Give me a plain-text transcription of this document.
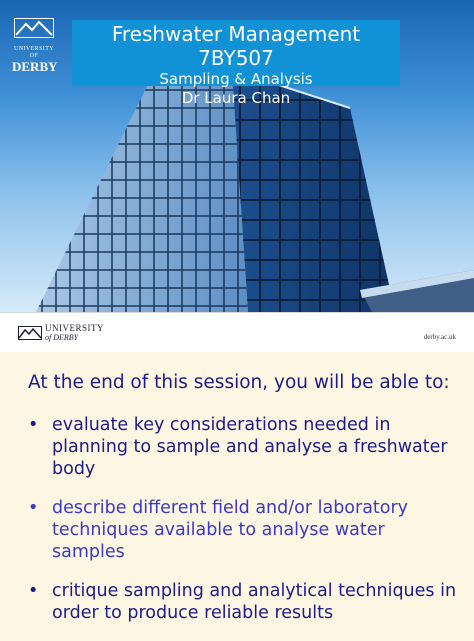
UNIVERSITY OF
DERBY
Freshwater Management 7BY507
Sampling & Analysis
Dr Laura Chan
UNIVERSITY
of DERBY	derby.ac.uk
At the end of this session, you will be able to:
• evaluate key considerations needed in planning to sample and analyse a freshwater body
• describe different field and/or laboratory techniques available to analyse water samples
• critique sampling and analytical techniques in order to produce reliable results
